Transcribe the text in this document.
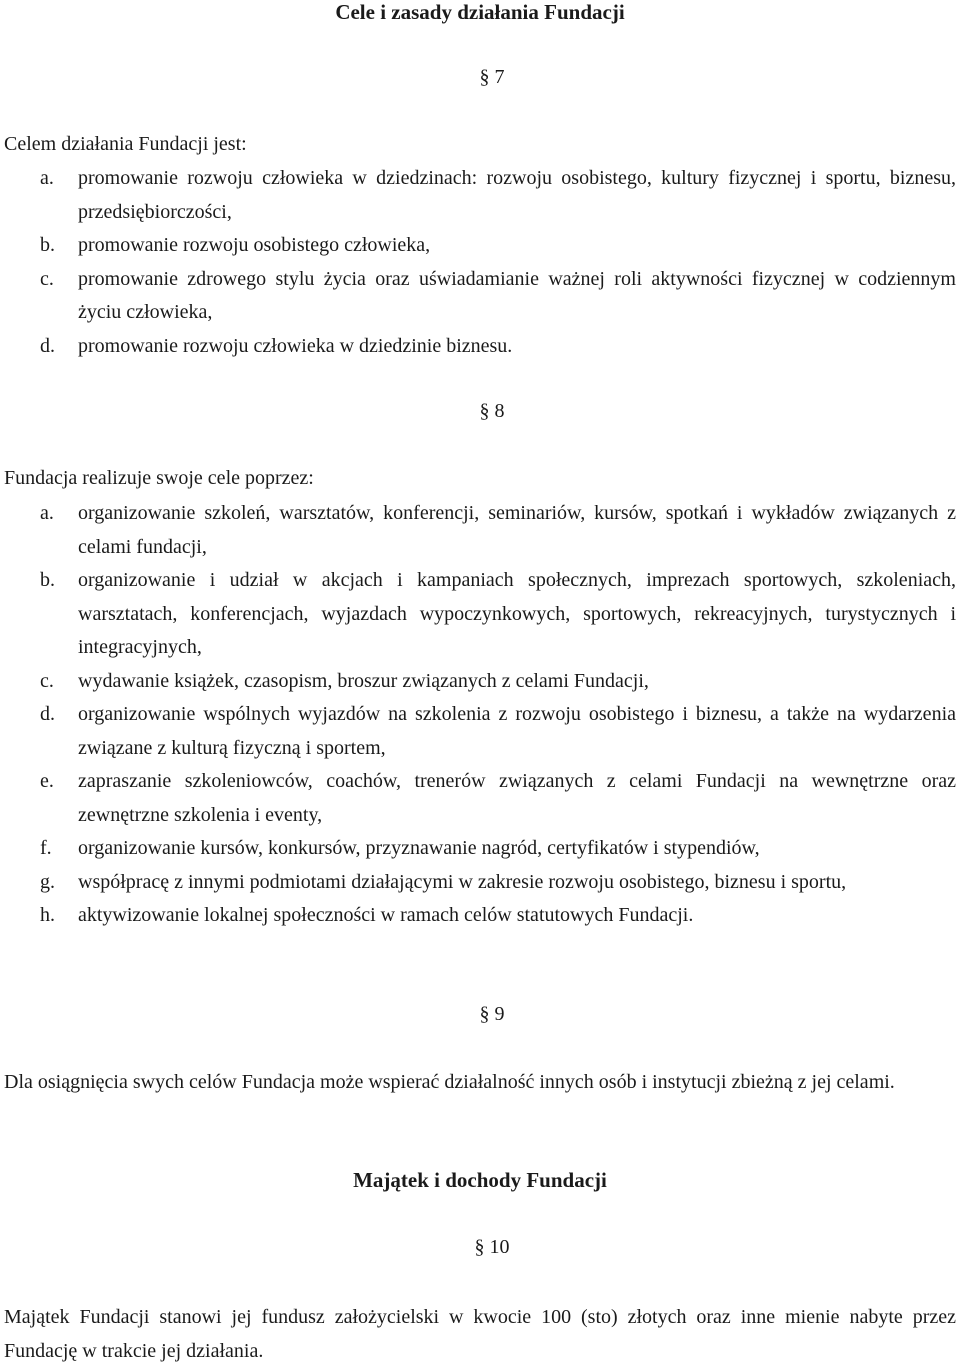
Cele i zasady działania Fundacji

§ 7

Celem działania Fundacji jest:

a. promowanie rozwoju człowieka w dziedzinach: rozwoju osobistego, kultury fizycznej i sportu, biznesu, przedsiębiorczości,
b. promowanie rozwoju osobistego człowieka,
c. promowanie zdrowego stylu życia oraz uświadamianie ważnej roli aktywności fizycznej w codziennym życiu człowieka,
d. promowanie rozwoju człowieka w dziedzinie biznesu.

§ 8

Fundacja realizuje swoje cele poprzez:

a. organizowanie szkoleń, warsztatów, konferencji, seminariów, kursów, spotkań i wykładów związanych z celami fundacji,
b. organizowanie i udział w akcjach i kampaniach społecznych, imprezach sportowych, szkoleniach, warsztatach, konferencjach, wyjazdach wypoczynkowych, sportowych, rekreacyjnych, turystycznych i integracyjnych,
c. wydawanie książek, czasopism, broszur związanych z celami Fundacji,
d. organizowanie wspólnych wyjazdów na szkolenia z rozwoju osobistego i biznesu, a także na wydarzenia związane z kulturą fizyczną i sportem,
e. zapraszanie szkoleniowców, coachów, trenerów związanych z celami Fundacji na wewnętrzne oraz zewnętrzne szkolenia i eventy,
f. organizowanie kursów, konkursów, przyznawanie nagród, certyfikatów i stypendiów,
g. współpracę z innymi podmiotami działającymi w zakresie rozwoju osobistego, biznesu i sportu,
h. aktywizowanie lokalnej społeczności w ramach celów statutowych Fundacji.

§ 9

Dla osiągnięcia swych celów Fundacja może wspierać działalność innych osób i instytucji zbieżną z jej celami.

Majątek i dochody Fundacji

§ 10

Majątek Fundacji stanowi jej fundusz założycielski w kwocie 100 (sto) złotych oraz inne mienie nabyte przez Fundację w trakcie jej działania.
